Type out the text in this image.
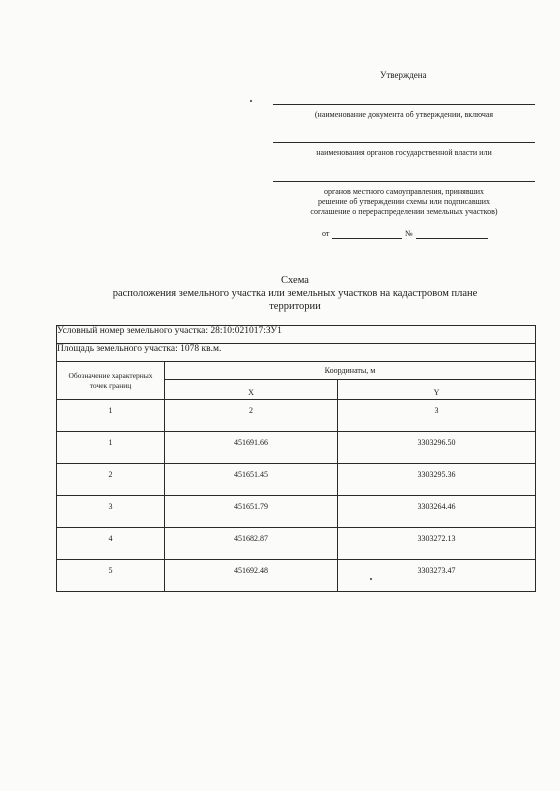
Утверждена
(наименование документа об утверждении, включая
наименования органов государственной власти или
органов местного самоуправления, принявших
решение об утверждении схемы или подписавших
соглашение о перераспределении земельных участков)
от	№
Схема
расположения земельного участка или земельных участков на кадастровом плане
территории
Условный номер земельного участка: 28:10:021017:ЗУ1		
Площадь земельного участка: 1078 кв.м.		
Обозначение характерных точек границ	Координаты, м	
	X	Y

1	2	3

1	451691.66	3303296.50

2	451651.45	3303295.36

3	451651.79	3303264.46

4	451682.87	3303272.13

5	451692.48	3303273.47
